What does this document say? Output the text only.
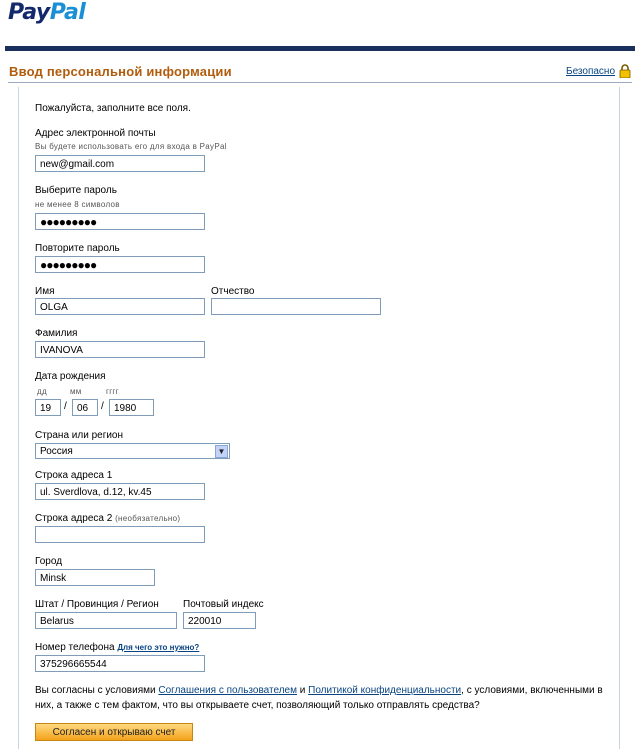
PayPal
Ввод персональной информации	Безопасно
Пожалуйста, заполните все поля.
Адрес электронной почты
Вы будете использовать его для входа в PayPal
new@gmail.com
Выберите пароль
не менее 8 символов
●●●●●●●●●
Повторите пароль
●●●●●●●●●
Имя
OLGA
Отчество
Фамилия
IVANOVA
Дата рождения
дд	мм	гггг
19	/	06	/	1980
Страна или регион
Россия	▼
Строка адреса 1
ul. Sverdlova, d.12, kv.45
Строка адреса 2 (необязательно)
Город
Minsk
Штат / Провинция / Регион
Belarus
Почтовый индекс
220010
Номер телефона Для чего это нужно?
375296665544
Вы согласны с условиями Соглашения с пользователем и Политикой конфиденциальности, с условиями, включенными в них, а также с тем фактом, что вы открываете счет, позволяющий только отправлять средства?
Согласен и открываю счет
